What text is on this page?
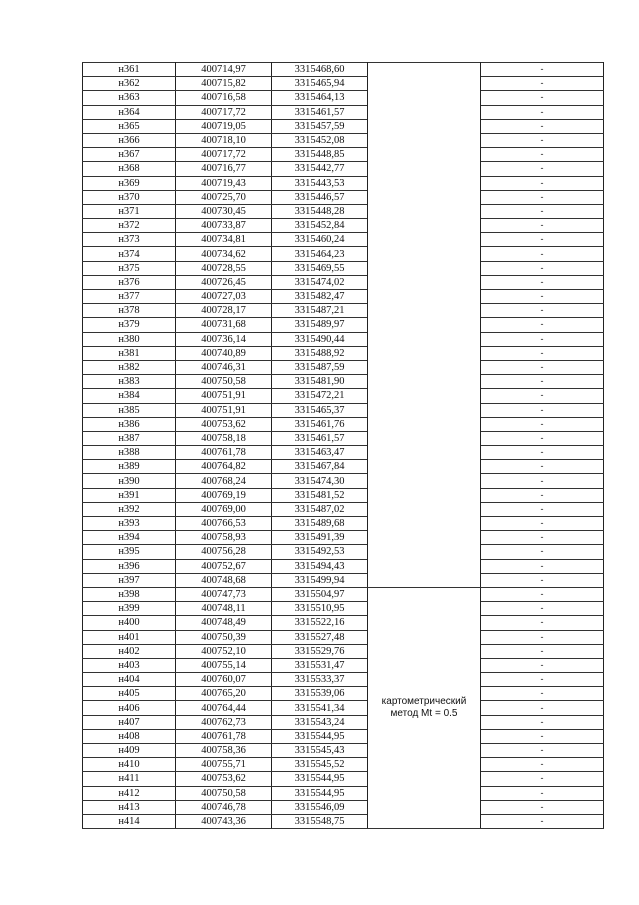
н361	400714,97	3315468,60		-
н362	400715,82	3315465,94		-
н363	400716,58	3315464,13		-
н364	400717,72	3315461,57		-
н365	400719,05	3315457,59		-
н366	400718,10	3315452,08		-
н367	400717,72	3315448,85		-
н368	400716,77	3315442,77		-
н369	400719,43	3315443,53		-
н370	400725,70	3315446,57		-
н371	400730,45	3315448,28		-
н372	400733,87	3315452,84		-
н373	400734,81	3315460,24		-
н374	400734,62	3315464,23		-
н375	400728,55	3315469,55		-
н376	400726,45	3315474,02		-
н377	400727,03	3315482,47		-
н378	400728,17	3315487,21		-
н379	400731,68	3315489,97		-
н380	400736,14	3315490,44		-
н381	400740,89	3315488,92		-
н382	400746,31	3315487,59		-
н383	400750,58	3315481,90		-
н384	400751,91	3315472,21		-
н385	400751,91	3315465,37		-
н386	400753,62	3315461,76		-
н387	400758,18	3315461,57		-
н388	400761,78	3315463,47		-
н389	400764,82	3315467,84		-
н390	400768,24	3315474,30		-
н391	400769,19	3315481,52		-
н392	400769,00	3315487,02		-
н393	400766,53	3315489,68		-
н394	400758,93	3315491,39		-
н395	400756,28	3315492,53		-
н396	400752,67	3315494,43		-
н397	400748,68	3315499,94		-
н398	400747,73	3315504,97	картометрический метод Mt = 0.5	-
н399	400748,11	3315510,95		-
н400	400748,49	3315522,16		-
н401	400750,39	3315527,48		-
н402	400752,10	3315529,76		-
н403	400755,14	3315531,47		-
н404	400760,07	3315533,37		-
н405	400765,20	3315539,06		-
н406	400764,44	3315541,34		-
н407	400762,73	3315543,24		-
н408	400761,78	3315544,95		-
н409	400758,36	3315545,43		-
н410	400755,71	3315545,52		-
н411	400753,62	3315544,95		-
н412	400750,58	3315544,95		-
н413	400746,78	3315546,09		-
н414	400743,36	3315548,75		-
